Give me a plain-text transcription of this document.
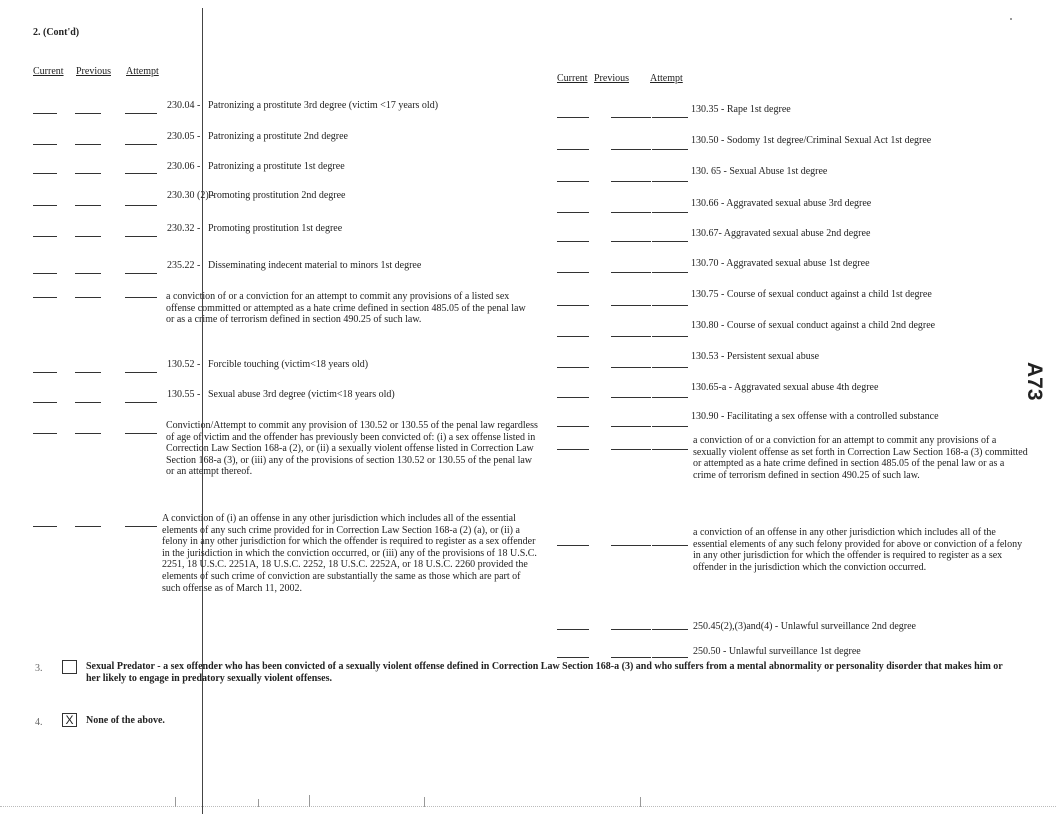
2. (Cont'd)
Current Previous Attempt
Current Previous Attempt
230.04 - Patronizing a prostitute 3rd degree (victim <17 years old)
230.05 - Patronizing a prostitute 2nd degree
230.06 - Patronizing a prostitute 1st degree
230.30 (2) -
Promoting prostitution 2nd degree
230.32 - Promoting prostitution 1st degree
235.22 - Disseminating indecent material to minors 1st degree
130.52 - Forcible touching (victim<18 years old)
130.55 - Sexual abuse 3rd degree (victim<18 years old)
a conviction of or a conviction for an attempt to commit any provisions of a listed sex offense committed or attempted as a hate crime defined in section 485.05 of the penal law or as a crime of terrorism defined in section 490.25 of such law.
Conviction/Attempt to commit any provision of 130.52 or 130.55 of the penal law regardless of age of victim and the offender has previously been convicted of: (i) a sex offense listed in Correction Law Section 168-a (2), or (ii) a sexually violent offense listed in Correction Law Section 168-a (3), or (iii) any of the provisions of section 130.52 or 130.55 of the penal law or an attempt thereof.
A conviction of (i) an offense in any other jurisdiction which includes all of the essential elements of any such crime provided for in Correction Law Section 168-a (2) (a), or (ii) a felony in any other jurisdiction for which the offender is required to register as a sex offender in the jurisdiction in which the conviction occurred, or (iii) any of the provisions of 18 U.S.C. 2251, 18 U.S.C. 2251A, 18 U.S.C. 2252, 18 U.S.C. 2252A, or 18 U.S.C. 2260 provided the elements of such crime of conviction are substantially the same as those which are part of such offense as of March 11, 2002.
130.35 - Rape 1st degree
130.50 - Sodomy 1st degree/Criminal Sexual Act 1st degree
130. 65 - Sexual Abuse 1st degree
130.66 - Aggravated sexual abuse 3rd degree
130.67- Aggravated sexual abuse 2nd degree
130.70 - Aggravated sexual abuse 1st degree
130.75 - Course of sexual conduct against a child 1st degree
130.80 - Course of sexual conduct against a child 2nd degree
130.53 - Persistent sexual abuse
130.65-a - Aggravated sexual abuse 4th degree
130.90 - Facilitating a sex offense with a controlled substance
a conviction of or a conviction for an attempt to commit any provisions of a sexually violent offense as set forth in Correction Law Section 168-a (3) committed or attempted as a hate crime defined in section 485.05 of the penal law or as a crime of terrorism defined in section 490.25 of such law.
a conviction of an offense in any other jurisdiction which includes all of the essential elements of any such felony provided for above or conviction of a felony in any other jurisdiction for which the offender is required to register as a sex offender in the jurisdiction which the conviction occurred.
250.45(2),(3)and(4) - Unlawful surveillance 2nd degree
250.50 - Unlawful surveillance 1st degree
3.	Sexual Predator - a sex offender who has been convicted of a sexually violent offense defined in Correction Law Section 168-a (3) and who suffers from a mental abnormality or personality disorder that makes him or her likely to engage in predatory sexually violent offenses.
4. X	None of the above.
A73
